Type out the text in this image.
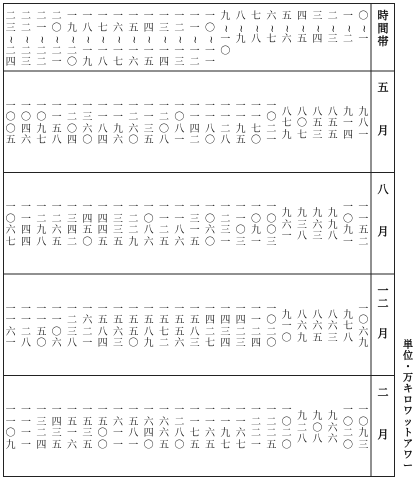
時
間
帯
〇
~
一
一
~
二
二
~
三
三
~
四
四
~
五
五
~
六
六
~
七
七
~
八
八
~
九
九
~
一
〇
一
〇
~
一
一
一
一
~
一
二
一
二
~
一
三
一
三
~
一
四
一
四
~
一
五
一
五
~
一
六
一
六
~
一
七
一
七
~
一
八
一
八
~
一
九
一
九
~
二
〇
二
〇
~
二
一
二
一
~
二
二
二
二
~
二
三
二
三
~
二
四
五
月
九
八
一
九
一
四
八
五
五
八
五
三
八
〇
七
八
七
九
一
〇
二
一
一
一
七
〇
一
一
九
五
一
一
二
八
一
一
八
〇
一
一
四
二
一
〇
八
一
一
二
〇
八
一
一
三
五
一
二
六
〇
一
一
九
六
一
一
八
四
一
三
六
〇
一
二
〇
四
一
一
五
八
一
〇
九
七
一
〇
四
六
一
〇
〇
五
八
月
一
一
五
二
一
〇
九
一
九
九
八
九
六
三
九
三
八
九
六
一
一
〇
〇
三
一
〇
九
一
一
一
〇
三
一
二
三
一
一
〇
六
〇
一
三
一
五
一
一
八
六
一
一
二
五
一
〇
八
六
一
二
二
九
一
三
三
五
一
四
四
五
一
四
五
〇
一
三
四
二
一
二
六
五
一
二
九
八
一
一
四
四
一
〇
六
七
一
二
月
一
〇
六
九
九
七
八
八
六
三
八
六
五
八
六
九
九
一
〇
一
〇
二
〇
一
一
二
四
一
四
二
三
一
四
三
四
一
四
二
七
一
五
八
三
一
五
五
六
一
五
七
二
一
五
八
九
一
五
五
〇
一
五
六
三
一
五
八
四
一
六
二
一
一
二
三
八
一
一
〇
六
一
一
五
〇
一
一
二
八
一
一
六
一
二
月
一
〇
九
三
一
〇
二
〇
九
六
六
九
〇
八
九
二
八
一
〇
二
〇
一
二
二
五
一
二
二
一
一
一
六
七
一
一
九
七
一
一
六
五
一
一
七
五
一
二
八
〇
一
六
六
五
一
六
四
〇
一
五
八
一
一
六
一
一
一
五
〇
〇
一
五
三
五
一
五
一
六
一
四
三
五
一
三
二
四
一
一
一
一
一
一
〇
九
単
位
・
万
キ
ロ
ワ
ッ
ト
ア
ワ
ー
